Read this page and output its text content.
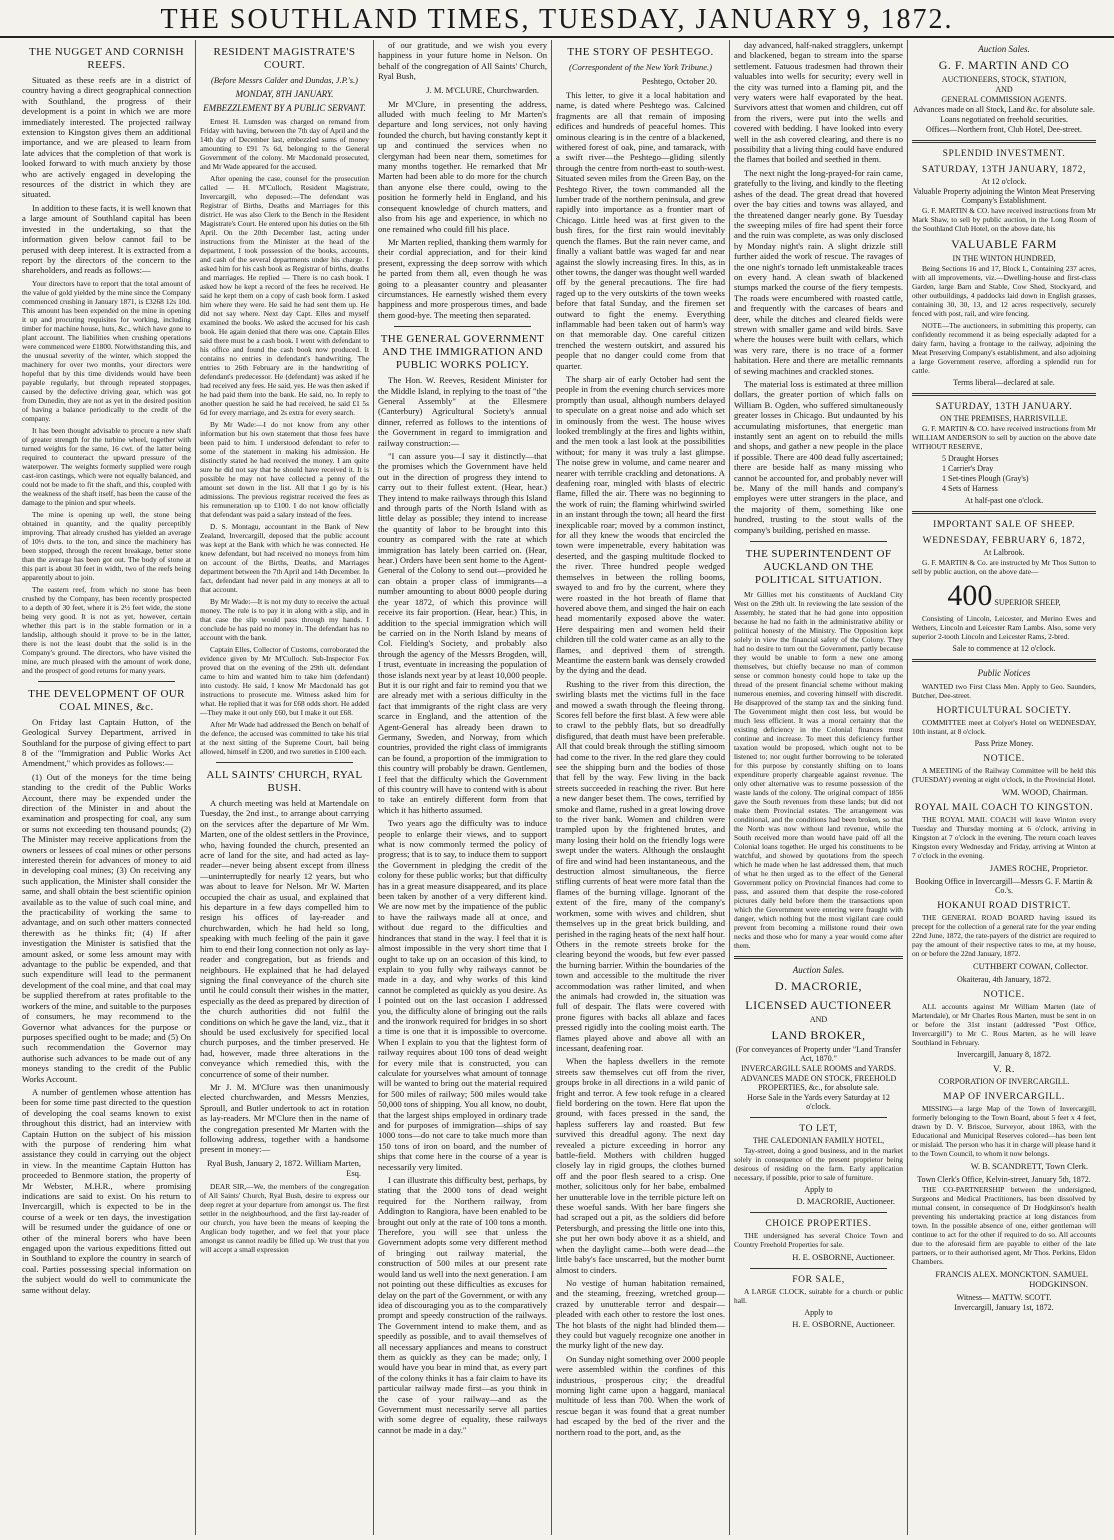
THE SOUTHLAND TIMES, TUESDAY, JANUARY 9, 1872.
THE NUGGET AND CORNISH REEFS.

Situated as these reefs are in a district of country having a direct geographical connection with Southland, the progress of their development is a point in which we are more immediately interested. The projected railway extension to Kingston gives them an additional importance, and we are pleased to learn from late advices that the completion of that work is looked forward to with much anxiety by those who are actively engaged in developing the resources of the district in which they are situated.

In addition to these facts, it is well known that a large amount of Southland capital has been invested in the undertaking, so that the information given below cannot fail to be perused with deep interest. It is extracted from a report by the directors of the concern to the shareholders, and reads as follows:—

Your directors have to report that the total amount of the value of gold yielded by the mine since the Company commenced crushing in January 1871, is £3268 12s 10d. This amount has been expended on the mine in opening it up and procuring requisites for working, including timber for machine house, huts, &c., which have gone to plant account. The liabilities when crushing operations were commenced were £1800. Notwithstanding this, and the unusual severity of the winter, which stopped the machinery for over two months, your directors were hopeful that by this time dividends would have been payable regularly, but through repeated stoppages, caused by the defective driving gear, which was got from Dunedin, they are not as yet in the desired position of having a balance periodically to the credit of the company.

It has been thought advisable to procure a new shaft of greater strength for the turbine wheel, together with turned weights for the same, 16 cwt. of the latter being required to counteract the upward pressure of the waterpower. The weights formerly supplied were rough cast-iron castings, which were not equally balanced, and could not be made to fit the shaft, and this, coupled with the weakness of the shaft itself, has been the cause of the damage to the pinion and spur wheels.

The mine is opening up well, the stone being obtained in quantity, and the quality perceptibly improving. That already crushed has yielded an average of 10½ dwts. to the ton, and since the machinery has been stopped, through the recent breakage, better stone than the average has been got out. The body of stone at this part is about 30 feet in width, two of the reefs being apparently about to join.

The eastern reef, from which no stone has been crushed by the Company, has been recently prospected to a depth of 30 feet, where it is 2½ feet wide, the stone being very good. It is not as yet, however, certain whether this part is in the stable formation or in a landslip, although should it prove to be in the latter, there is not the least doubt that the solid is in the Company's ground. The directors, who have visited the mine, are much pleased with the amount of work done, and the prospect of good returns for many years.

THE DEVELOPMENT OF OUR COAL MINES, &c.

On Friday last Captain Hutton, of the Geological Survey Department, arrived in Southland for the purpose of giving effect to part 8 of the "Immigration and Public Works Act Amendment," which provides as follows:—

(1) Out of the moneys for the time being standing to the credit of the Public Works Account, there may be expended under the direction of the Minister in and about the examination and prospecting for coal, any sum or sums not exceeding ten thousand pounds; (2) The Minister may receive applications from the owners or lessees of coal mines or other persons interested therein for advances of money to aid in developing coal mines; (3) On receiving any such application, the Minister shall consider the same, and shall obtain the best scientific opinion available as to the value of such coal mine, and the practicability of working the same to advantage, and on such other matters connected therewith as he thinks fit; (4) If after investigation the Minister is satisfied that the amount asked, or some less amount may with advantage to the public be expended, and that such expenditure will lead to the permanent development of the coal mine, and that coal may be supplied therefrom at rates profitable to the workers of the mine, and suitable to the purposes of consumers, he may recommend to the Governor what advances for the purpose or purposes specified ought to be made; and (5) On such recommendation the Governor may authorise such advances to be made out of any moneys standing to the credit of the Public Works Account.

A number of gentlemen whose attention has been for some time past directed to the question of developing the coal seams known to exist throughout this district, had an interview with Captain Hutton on the subject of his mission with the purpose of rendering him what assistance they could in carrying out the object in view. In the meantime Captain Hutton has proceeded to Benmore station, the property of Mr Webster, M.H.R., where promising indications are said to exist. On his return to Invercargill, which is expected to be in the course of a week or ten days, the investigation will be resumed under the guidance of one or other of the mineral borers who have been engaged upon the various expeditions fitted out in Southland to explore the country in search of coal. Parties possessing special information on the subject would do well to communicate the same without delay.

RESIDENT MAGISTRATE'S COURT.
(Before Messrs Calder and Dundas, J.P.'s.)
MONDAY, 8TH JANUARY.
EMBEZZLEMENT BY A PUBLIC SERVANT.

Ernest H. Lumsden was charged on remand from Friday with having, between the 7th day of April and the 14th day of December last, embezzled sums of money amounting to £91 7s 6d, belonging to the General Government of the colony. Mr Macdonald prosecuted, and Mr Wade appeared for the accused.

After opening the case, counsel for the prosecution called — H. M'Culloch, Resident Magistrate, Invercargill, who deposed:—The defendant was Registrar of Births, Deaths and Marriages for this district. He was also Clerk to the Bench in the Resident Magistrate's Court. He entered upon his duties on the 6th April. On the 20th December last, acting under instructions from the Minister at the head of the department, I took possession of the books, accounts, and cash of the several departments under his charge. I asked him for his cash book as Registrar of births, deaths and marriages. He replied — There is no cash book. I asked how he kept a record of the fees he received. He said he kept them on a copy of cash book form. I asked him where they were. He said he had sent them up. He did not say where. Next day Capt. Elles and myself examined the books. We asked the accused for his cash book. He again denied that there was one. Captain Elles said there must be a cash book. I went with defendant to his office and found the cash book now produced. It contains no entries in defendant's handwriting. The entries to 26th February are in the handwriting of defendant's predecessor. He (defendant) was asked if he had received any fees. He said, yes. He was then asked if he had paid them into the bank. He said, no. In reply to another question he said he had received, he said £1 5s 6d for every marriage, and 2s extra for every search.

By Mr Wade:—I do not know from any other information but his own statement that those fees have been paid to him. I understood defendant to refer to some of the statement in making his admission. He distinctly stated he had received the money. I am quite sure he did not say that he should have received it. It is possible he may not have collected a penny of the amount set down in the list. All that I go by is his admissions. The previous registrar received the fees as his remuneration up to £100. I do not know officially that defendant was paid a salary instead of the fees.

D. S. Montagu, accountant in the Bank of New Zealand, Invercargill, deposed that the public account was kept at the Bank with which he was connected. He knew defendant, but had received no moneys from him on account of the Births, Deaths, and Marriages department between the 7th April and 14th December. In fact, defendant had never paid in any moneys at all to that account.

By Mr Wade:—It is not my duty to receive the actual money. The rule is to pay it in along with a slip, and in that case the slip would pass through my hands. I conclude he has paid no money in. The defendant has no account with the bank.

Captain Elles, Collector of Customs, corroborated the evidence given by Mr M'Culloch. Sub-Inspector Fox proved that on the evening of the 29th ult. defendant came to him and wanted him to take him (defendant) into custody. He said, I know Mr Macdonald has got instructions to prosecute me. Witness asked him for what. He replied that it was for £68 odds short. He added—They make it out only £60, but I make it out £68.

After Mr Wade had addressed the Bench on behalf of the defence, the accused was committed to take his trial at the next sitting of the Supreme Court, bail being allowed, himself in £200, and two sureties in £100 each.

ALL SAINTS' CHURCH, RYAL BUSH.

A church meeting was held at Martendale on Tuesday, the 2nd inst., to arrange about carrying on the services after the departure of Mr Wm. Marten, one of the oldest settlers in the Province, who, having founded the church, presented an acre of land for the site, and had acted as lay-reader—never being absent except from illness—uninterruptedly for nearly 12 years, but who was about to leave for Nelson. Mr W. Marten occupied the chair as usual, and explained that his departure in a few days compelled him to resign his offices of lay-reader and churchwarden, which he had held so long, speaking with much feeling of the pain it gave him to end their long connection not only as lay-reader and congregation, but as friends and neighbours. He explained that he had delayed signing the final conveyance of the church site until he could consult their wishes in the matter, especially as the deed as prepared by direction of the church authorities did not fulfil the conditions on which he gave the land, viz., that it should be used exclusively for specified local church purposes, and the timber preserved. He had, however, made three alterations in the conveyance which remedied this, with the concurrence of some of their number.

Mr J. M. M'Clure was then unanimously elected churchwarden, and Messrs Menzies, Sproull, and Butler undertook to act in rotation as lay-readers. Mr M'Clure then in the name of the congregation presented Mr Marten with the following address, together with a handsome present in money:—

Ryal Bush, January 2, 1872. William Marten, Esq.

DEAR SIR,—We, the members of the congregation of All Saints' Church, Ryal Bush, desire to express our deep regret at your departure from amongst us. The first settler in the neighbourhood, and the first lay-reader of our church, you have been the means of keeping the Anglican body together, and we feel that your place amongst us cannot readily be filled up. We trust that you will accept a small expression

of our gratitude, and we wish you every happiness in your future home in Nelson. On behalf of the congregation of All Saints' Church, Ryal Bush,

J. M. M'CLURE, Churchwarden.

Mr M'Clure, in presenting the address, alluded with much feeling to Mr Marten's departure and long services, not only having founded the church, but having constantly kept it up and continued the services when no clergyman had been near them, sometimes for many months together. He remarked that Mr Marten had been able to do more for the church than anyone else there could, owing to the position he formerly held in England, and his consequent knowledge of church matters, and also from his age and experience, in which no one remained who could fill his place.

Mr Marten replied, thanking them warmly for their cordial appreciation, and for their kind present, expressing the deep sorrow with which he parted from them all, even though he was going to a pleasanter country and pleasanter circumstances. He earnestly wished them every happiness and more prosperous times, and bade them good-bye. The meeting then separated.

THE GENERAL GOVERNMENT AND THE IMMIGRATION AND PUBLIC WORKS POLICY.

The Hon. W. Reeves, Resident Minister for the Middle Island, in replying to the toast of "the General Assembly" at the Ellesmere (Canterbury) Agricultural Society's annual dinner, referred as follows to the intentions of the Government in regard to immigration and railway construction:—

"I can assure you—I say it distinctly—that the promises which the Government have held out in the direction of progress they intend to carry out to their fullest extent. (Hear, hear.) They intend to make railways through this Island and through parts of the North Island with as little delay as possible; they intend to increase the quantity of labor to be brought into this country as compared with the rate at which immigration has lately been carried on. (Hear, hear.) Orders have been sent home to the Agent-General of the Colony to send out—provided he can obtain a proper class of immigrants—a number amounting to about 8000 people during the year 1872, of which this province will receive its fair proportion. (Hear, hear.) This, in addition to the special immigration which will be carried on in the North Island by means of Col. Fielding's Society, and probably also through the agency of the Messrs Brogden, will, I trust, eventuate in increasing the population of those islands next year by at least 10,000 people. But it is our right and fair to remind you that we are already met with a serious difficulty in the fact that immigrants of the right class are very scarce in England, and the attention of the Agent-General has already been drawn to Germany, Sweden, and Norway, from which countries, provided the right class of immigrants can be found, a proportion of the immigration to this country will probably be drawn. Gentlemen, I feel that the difficulty which the Government of this country will have to contend with is about to take an entirely different form from that which it has hitherto assumed.

Two years ago the difficulty was to induce people to enlarge their views, and to support what is now commonly termed the policy of progress; that is to say, to induce them to support the Government in pledging the credit of the colony for these public works; but that difficulty has in a great measure disappeared, and its place been taken by another of a very different kind. We are now met by the impatience of the public to have the railways made all at once, and without due regard to the difficulties and hindrances that stand in the way. I feel that it is almost impossible in the very short time that I ought to take up on an occasion of this kind, to explain to you fully why railways cannot be made in a day, and why works of this kind cannot be completed as quickly as you desire. As I pointed out on the last occasion I addressed you, the difficulty alone of bringing out the rails and the ironwork required for bridges in so short a time is one that it is impossible to overcome. When I explain to you that the lightest form of railway requires about 100 tons of dead weight for every mile that is constructed, you can calculate for yourselves what amount of tonnage will be wanted to bring out the material required for 500 miles of railway; 500 miles would take 50,000 tons of shipping. You all know, no doubt, that the largest ships employed in ordinary trade and for purposes of immigration—ships of say 1000 tons—do not care to take much more than 150 tons of iron on board, and the number of ships that come here in the course of a year is necessarily very limited.

I can illustrate this difficulty best, perhaps, by stating that the 2000 tons of dead weight required for the Northern railway, from Addington to Rangiora, have been enabled to be brought out only at the rate of 100 tons a month. Therefore, you will see that unless the Government adopts some very different method of bringing out railway material, the construction of 500 miles at our present rate would land us well into the next generation. I am not pointing out these difficulties as excuses for delay on the part of the Government, or with any idea of discouraging you as to the comparatively prompt and speedy construction of the railways. The Government intend to make them, and as speedily as possible, and to avail themselves of all necessary appliances and means to construct them as quickly as they can be made; only, I would have you bear in mind that, as every part of the colony thinks it has a fair claim to have its particular railway made first—as you think in the case of your railway—and as the Government must necessarily serve all parties with some degree of equality, these railways cannot be made in a day."

THE STORY OF PESHTEGO.
(Correspondent of the New York Tribune.)
Peshtego, October 20.

This letter, to give it a local habitation and name, is dated where Peshtego was. Calcined fragments are all that remain of imposing edifices and hundreds of peaceful homes. This ominous clearing is in the centre of a blackened, withered forest of oak, pine, and tamarack, with a swift river—the Peshtego—gliding silently through the centre from north-east to south-west. Situated seven miles from the Green Bay, on the Peshtego River, the town commanded all the lumber trade of the northern peninsula, and grew rapidly into importance as a frontier mart of Chicago. Little heed was at first given to the bush fires, for the first rain would inevitably quench the flames. But the rain never came, and finally a valiant battle was waged far and near against the slowly increasing fires. In this, as in other towns, the danger was thought well warded off by the general precautions. The fire had raged up to the very outskirts of the town weeks before that fatal Sunday, and the firemen set outward to fight the enemy. Everything inflammable had been taken out of harm's way on that memorable day. One careful citizen trenched the western outskirt, and assured his people that no danger could come from that quarter.

The sharp air of early October had sent the people in from the evening church services more promptly than usual, although numbers delayed to speculate on a great noise and ado which set in ominously from the west. The house wives looked tremblingly at the fires and lights within, and the men took a last look at the possibilities without; for many it was truly a last glimpse. The noise grew in volume, and came nearer and nearer with terrible crackling and detonations. A deafening roar, mingled with blasts of electric flame, filled the air. There was no beginning to the work of ruin; the flaming whirlwind swirled in an instant through the town; all heard the first inexplicable roar; moved by a common instinct, for all they knew the woods that encircled the town were impenetrable, every habitation was deserted, and the gasping multitude flocked to the river. Three hundred people wedged themselves in between the rolling booms, swayed to and fro by the current, where they were roasted in the hot breath of flame that hovered above them, and singed the hair on each head momentarily exposed above the water. Here despairing men and women held their children till the cold water came as an ally to the flames, and deprived them of strength. Meantime the eastern bank was densely crowded by the dying and the dead.

Rushing to the river from this direction, the swirling blasts met the victims full in the face and mowed a swath through the fleeing throng. Scores fell before the first blast. A few were able to crawl to the pebbly flats, but so dreadfully disfigured, that death must have been preferable. All that could break through the stifling simoom had come to the river. In the red glare they could see the shipping burn and the bodies of those that fell by the way. Few living in the back streets succeeded in reaching the river. But here a new danger beset them. The cows, terrified by smoke and flame, rushed in a great lowing drove to the river bank. Women and children were trampled upon by the frightened brutes, and many losing their hold on the friendly logs were swept under the waters. Although the onslaught of fire and wind had been instantaneous, and the destruction almost simultaneous, the fierce stifling currents of heat were more fatal than the flames of the burning village. Ignorant of the extent of the fire, many of the company's workmen, some with wives and children, shut themselves up in the great brick building, and perished in the raging heats of the next half hour. Others in the remote streets broke for the clearing beyond the woods, but few ever passed the burning barrier. Within the boundaries of the town and accessible to the multitude the river accommodation was rather limited, and when the animals had crowded in, the situation was full of despair. The flats were covered with prone figures with backs all ablaze and faces pressed rigidly into the cooling moist earth. The flames played above and above all with an incessant, deafening roar.

When the hapless dwellers in the remote streets saw themselves cut off from the river, groups broke in all directions in a wild panic of fright and terror. A few took refuge in a cleared field bordering on the town. Here flat upon the ground, with faces pressed in the sand, the hapless sufferers lay and roasted. But few survived this dreadful agony. The next day revealed a picture exceeding in horror any battle-field. Mothers with children hugged closely lay in rigid groups, the clothes burned off and the poor flesh seared to a crisp. One mother, solicitous only for her babe, embalmed her unutterable love in the terrible picture left on these woeful sands. With her bare fingers she had scraped out a pit, as the soldiers did before Petersburgh, and pressing the little one into this, she put her own body above it as a shield, and when the daylight came—both were dead—the little baby's face unscarred, but the mother burnt almost to cinders.

No vestige of human habitation remained, and the steaming, freezing, wretched group—crazed by unutterable terror and despair—pleaded with each other to restore the lost ones. The hot blasts of the night had blinded them—they could but vaguely recognize one another in the murky light of the new day.

On Sunday night something over 2000 people were assembled within the confines of this industrious, prosperous city; the dreadful morning light came upon a haggard, maniacal multitude of less than 700. When the work of rescue began it was found that a great number had escaped by the bed of the river and the northern road to the port, and, as the

day advanced, half-naked stragglers, unkempt and blackened, began to stream into the sparse settlement. Fatuous tradesmen had thrown their valuables into wells for security; every well in the city was turned into a flaming pit, and the very waters were half evaporated by the heat. Survivors attest that women and children, cut off from the rivers, were put into the wells and covered with bedding. I have looked into every well in the ash covered clearing, and there is no possibility that a living thing could have endured the flames that boiled and seethed in them.

The next night the long-prayed-for rain came, gratefully to the living, and kindly to the fleeting ashes of the dead. The great dread that hovered over the bay cities and towns was allayed, and the threatened danger nearly gone. By Tuesday the sweeping miles of fire had spent their force and the ruin was complete, as was only disclosed by Monday night's rain. A slight drizzle still further aided the work of rescue. The ravages of the one night's tornado left unmistakeable traces on every hand. A clean swath of blackened stumps marked the course of the fiery tempests. The roads were encumbered with roasted cattle, and frequently with the carcases of bears and deer, while the ditches and cleared fields were strewn with smaller game and wild birds. Save where the houses were built with cellars, which was very rare, there is no trace of a former habitation. Here and there are metallic remnants of sewing machines and crackled stones.

The material loss is estimated at three million dollars, the greater portion of which falls on William B. Ogden, who suffered simultaneously greater losses in Chicago. But undaunted by his accumulating misfortunes, that energetic man instantly sent an agent on to rebuild the mills and shops, and gather a new people in the place if possible. There are 400 dead fully ascertained; there are beside half as many missing who cannot be accounted for, and probably never will be. Many of the mill hands and company's employes were utter strangers in the place, and the majority of them, something like one hundred, trusting to the stout walls of the company's building, perished en masse.

THE SUPERINTENDENT OF AUCKLAND ON THE POLITICAL SITUATION.

Mr Gillies met his constituents of Auckland City West on the 29th ult. In reviewing the late session of the Assembly, he stated that he had gone into opposition because he had no faith in the administrative ability or political honesty of the Ministry. The Opposition kept solely in view the financial safety of the Colony. They had no desire to turn out the Government, partly because they would be unable to form a new one among themselves, but chiefly because no man of common sense or common honesty could hope to take up the thread of the present financial scheme without making numerous enemies, and covering himself with discredit. He disapproved of the stamp tax and the sinking fund. The Government might then cost less, but would be much less efficient. It was a moral certainty that the existing deficiency in the Colonial finances must continue and increase. To meet this deficiency further taxation would be proposed, which ought not to be listened to; nor ought further borrowing to be tolerated for this purpose by constantly shifting on to loans expenditure properly chargeable against revenue. The only other alternative was to resume possession of the waste lands of the colony. The original compact of 1856 gave the South revenues from these lands; but did not make them Provincial estates. The arrangement was conditional, and the conditions had been broken, so that the North was now without land revenue, while the South received more than would have paid off all the Colonial loans together. He urged his constituents to be watchful, and showed by quotations from the speech which he made when he last addressed them, that much of what he then urged as to the effect of the General Government policy on Provincial finances had come to pass, and assured them that despite the rose-colored pictures daily held before them the transactions upon which the Government were entering were fraught with danger, which nothing but the most vigilant care could prevent from becoming a millstone round their own necks and those who for many a year would come after them.

Auction Sales.
D. MACRORIE,
LICENSED AUCTIONEER
AND
LAND BROKER,
(For conveyances of Property under "Land Transfer Act, 1870."
INVERCARGILL SALE ROOMS and YARDS.
ADVANCES MADE ON STOCK, FREEHOLD PROPERTIES, &c., for absolute sale.
Horse Sale in the Yards every Saturday at 12 o'clock.
TO LET,
THE CALEDONIAN FAMILY HOTEL,

Tay-street, doing a good business, and in the market solely in consequence of the present proprietor being desirous of residing on the farm. Early application necessary, if possible, prior to sale of furniture.

Apply to
D. MACRORIE, Auctioneer.
CHOICE PROPERTIES.

THE undersigned has several Choice Town and Country Freehold Properties for sale.

H. E. OSBORNE, Auctioneer.
FOR SALE,

A LARGE CLOCK, suitable for a church or public hall.

Apply to
H. E. OSBORNE, Auctioneer.
Auction Sales.
G. F. MARTIN AND CO
AUCTIONEERS, STOCK, STATION,
AND
GENERAL COMMISSION AGENTS.
Advances made on all Stock, Land &c. for absolute sale.
Loans negotiated on freehold securities.
Offices—Northern front, Club Hotel, Dee-street.
SPLENDID INVESTMENT.
SATURDAY, 13TH JANUARY, 1872,
At 12 o'clock.
Valuable Property adjoining the Winton Meat Preserving Company's Establishment.

G. F. MARTIN & CO. have received instructions from Mr Mark Shaw, to sell by public auction, in the Long Room of the Southland Club Hotel, on the above date, his

VALUABLE FARM
IN THE WINTON HUNDRED,

Being Sections 16 and 17, Block I., Containing 237 acres, with all improvements, viz.—Dwelling-house and first-class Garden, large Barn and Stable, Cow Shed, Stockyard, and other outbuildings, 4 paddocks laid down in English grasses, containing 30, 30, 13, and 12 acres respectively, securely fenced with post, rail, and wire fencing.

NOTE—The auctioneers, in submitting this property, can confidently recommend it as being especially adapted for a dairy farm, having a frontage to the railway, adjoining the Meat Preserving Company's establishment, and also adjoining a large Government reserve, affording a splendid run for cattle.

Terms liberal—declared at sale.
SATURDAY, 13TH JANUARY.
ON THE PREMISES, HARRISVILLE.

G. F. MARTIN & CO. have received instructions from Mr WILLIAM ANDERSON to sell by auction on the above date WITHOUT RESERVE,

5 Draught Horses
1 Carrier's Dray
1 Set-tines Plough (Gray's)
4 Sets of Harness
At half-past one o'clock.
IMPORTANT SALE OF SHEEP.
WEDNESDAY, FEBRUARY 6, 1872,
At Lalbrook.

G. F. MARTIN & Co. are instructed by Mr Thos Sutton to sell by public auction, on the above date—

400 SUPERIOR SHEEP,

Consisting of Lincoln, Leicester, and Merino Ewes and Wethers, Lincoln and Leicester Ram Lambs. Also, some very superior 2-tooth Lincoln and Leicester Rams, 2-bred.

Sale to commence at 12 o'clock.
Public Notices

WANTED two First Class Men. Apply to Geo. Saunders, Butcher, Dee-street.

HORTICULTURAL SOCIETY.

COMMITTEE meet at Colyer's Hotel on WEDNESDAY, 10th instant, at 8 o'clock.

Pass Prize Money.
NOTICE.

A MEETING of the Railway Committee will be held this (TUESDAY) evening at eight o'clock, in the Provincial Hotel.

WM. WOOD, Chairman.
ROYAL MAIL COACH TO KINGSTON.

THE ROYAL MAIL COACH will leave Winton every Tuesday and Thursday morning at 6 o'clock, arriving in Kingston at 7 o'clock in the evening. The return coach leaves Kingston every Wednesday and Friday, arriving at Winton at 7 o'clock in the evening.

JAMES ROCHE, Proprietor.
Booking Office in Invercargill—Messrs G. F. Martin & Co.'s.
HOKANUI ROAD DISTRICT.

THE GENERAL ROAD BOARD having issued its precept for the collection of a general rate for the year ending 22nd June, 1872, the rate-payers of the district are required to pay the amount of their respective rates to me, at my house, on or before the 22nd January, 1872.

CUTHBERT COWAN, Collector.
Okaiterau, 4th January, 1872.
NOTICE.

ALL accounts against Mr William Marten (late of Martendale), or Mr Charles Rous Marten, must be sent in on or before the 31st instant (addressed "Post Office, Invercargill") to Mr C. Rous Marten, as he will leave Southland in February.

Invercargill, January 8, 1872.
V. R.
CORPORATION OF INVERCARGILL.
MAP OF INVERCARGILL.

MISSING—a large Map of the Town of Invercargill, formerly belonging to the Town Board, about 5 feet x 4 feet, drawn by D. V. Briscoe, Surveyor, about 1863, with the Educational and Municipal Reserves colored—has been lent or mislaid. The person who has it in charge will please hand it to the Town Council, to whom it now belongs.

W. B. SCANDRETT, Town Clerk.
Town Clerk's Office, Kelvin-street, January 5th, 1872.

THE CO-PARTNERSHIP between the undersigned, Surgeons and Medical Practitioners, has been dissolved by mutual consent, in consequence of Dr Hodgkinson's health preventing his undertaking practice at long distances from town. In the possible absence of one, either gentleman will continue to act for the other if required to do so. All accounts due to the aforesaid firm are payable to either of the late partners, or to their authorised agent, Mr Thos. Perkins, Eldon Chambers.

FRANCIS ALEX. MONCKTON. SAMUEL HODGKINSON.
Witness— MATTW. SCOTT.
Invercargill, January 1st, 1872.
